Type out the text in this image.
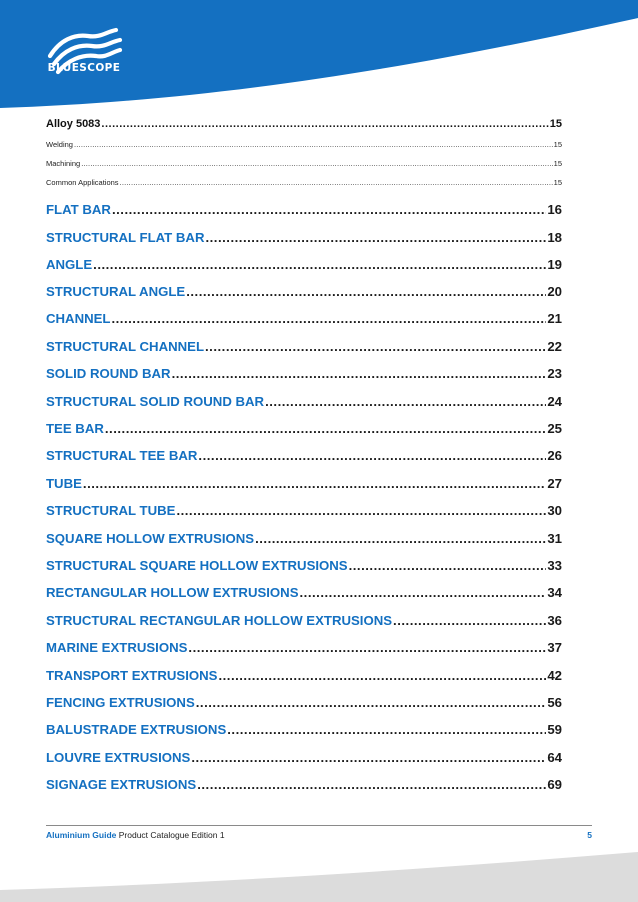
BLUESCOPE
Alloy 5083 .....	15
Welding .....	15
Machining .....	15
Common Applications .....	15
FLAT BAR .....	16
STRUCTURAL FLAT BAR .....	18
ANGLE .....	19
STRUCTURAL ANGLE .....	20
CHANNEL .....	21
STRUCTURAL CHANNEL .....	22
SOLID ROUND BAR .....	23
STRUCTURAL SOLID ROUND BAR .....	24
TEE BAR .....	25
STRUCTURAL TEE BAR .....	26
TUBE .....	27
STRUCTURAL TUBE .....	30
SQUARE HOLLOW EXTRUSIONS .....	31
STRUCTURAL SQUARE HOLLOW EXTRUSIONS .....	33
RECTANGULAR HOLLOW EXTRUSIONS .....	34
STRUCTURAL RECTANGULAR HOLLOW EXTRUSIONS .....	36
MARINE EXTRUSIONS .....	37
TRANSPORT EXTRUSIONS .....	42
FENCING EXTRUSIONS .....	56
BALUSTRADE EXTRUSIONS .....	59
LOUVRE EXTRUSIONS .....	64
SIGNAGE EXTRUSIONS .....	69
Aluminium Guide Product Catalogue Edition 1	5
